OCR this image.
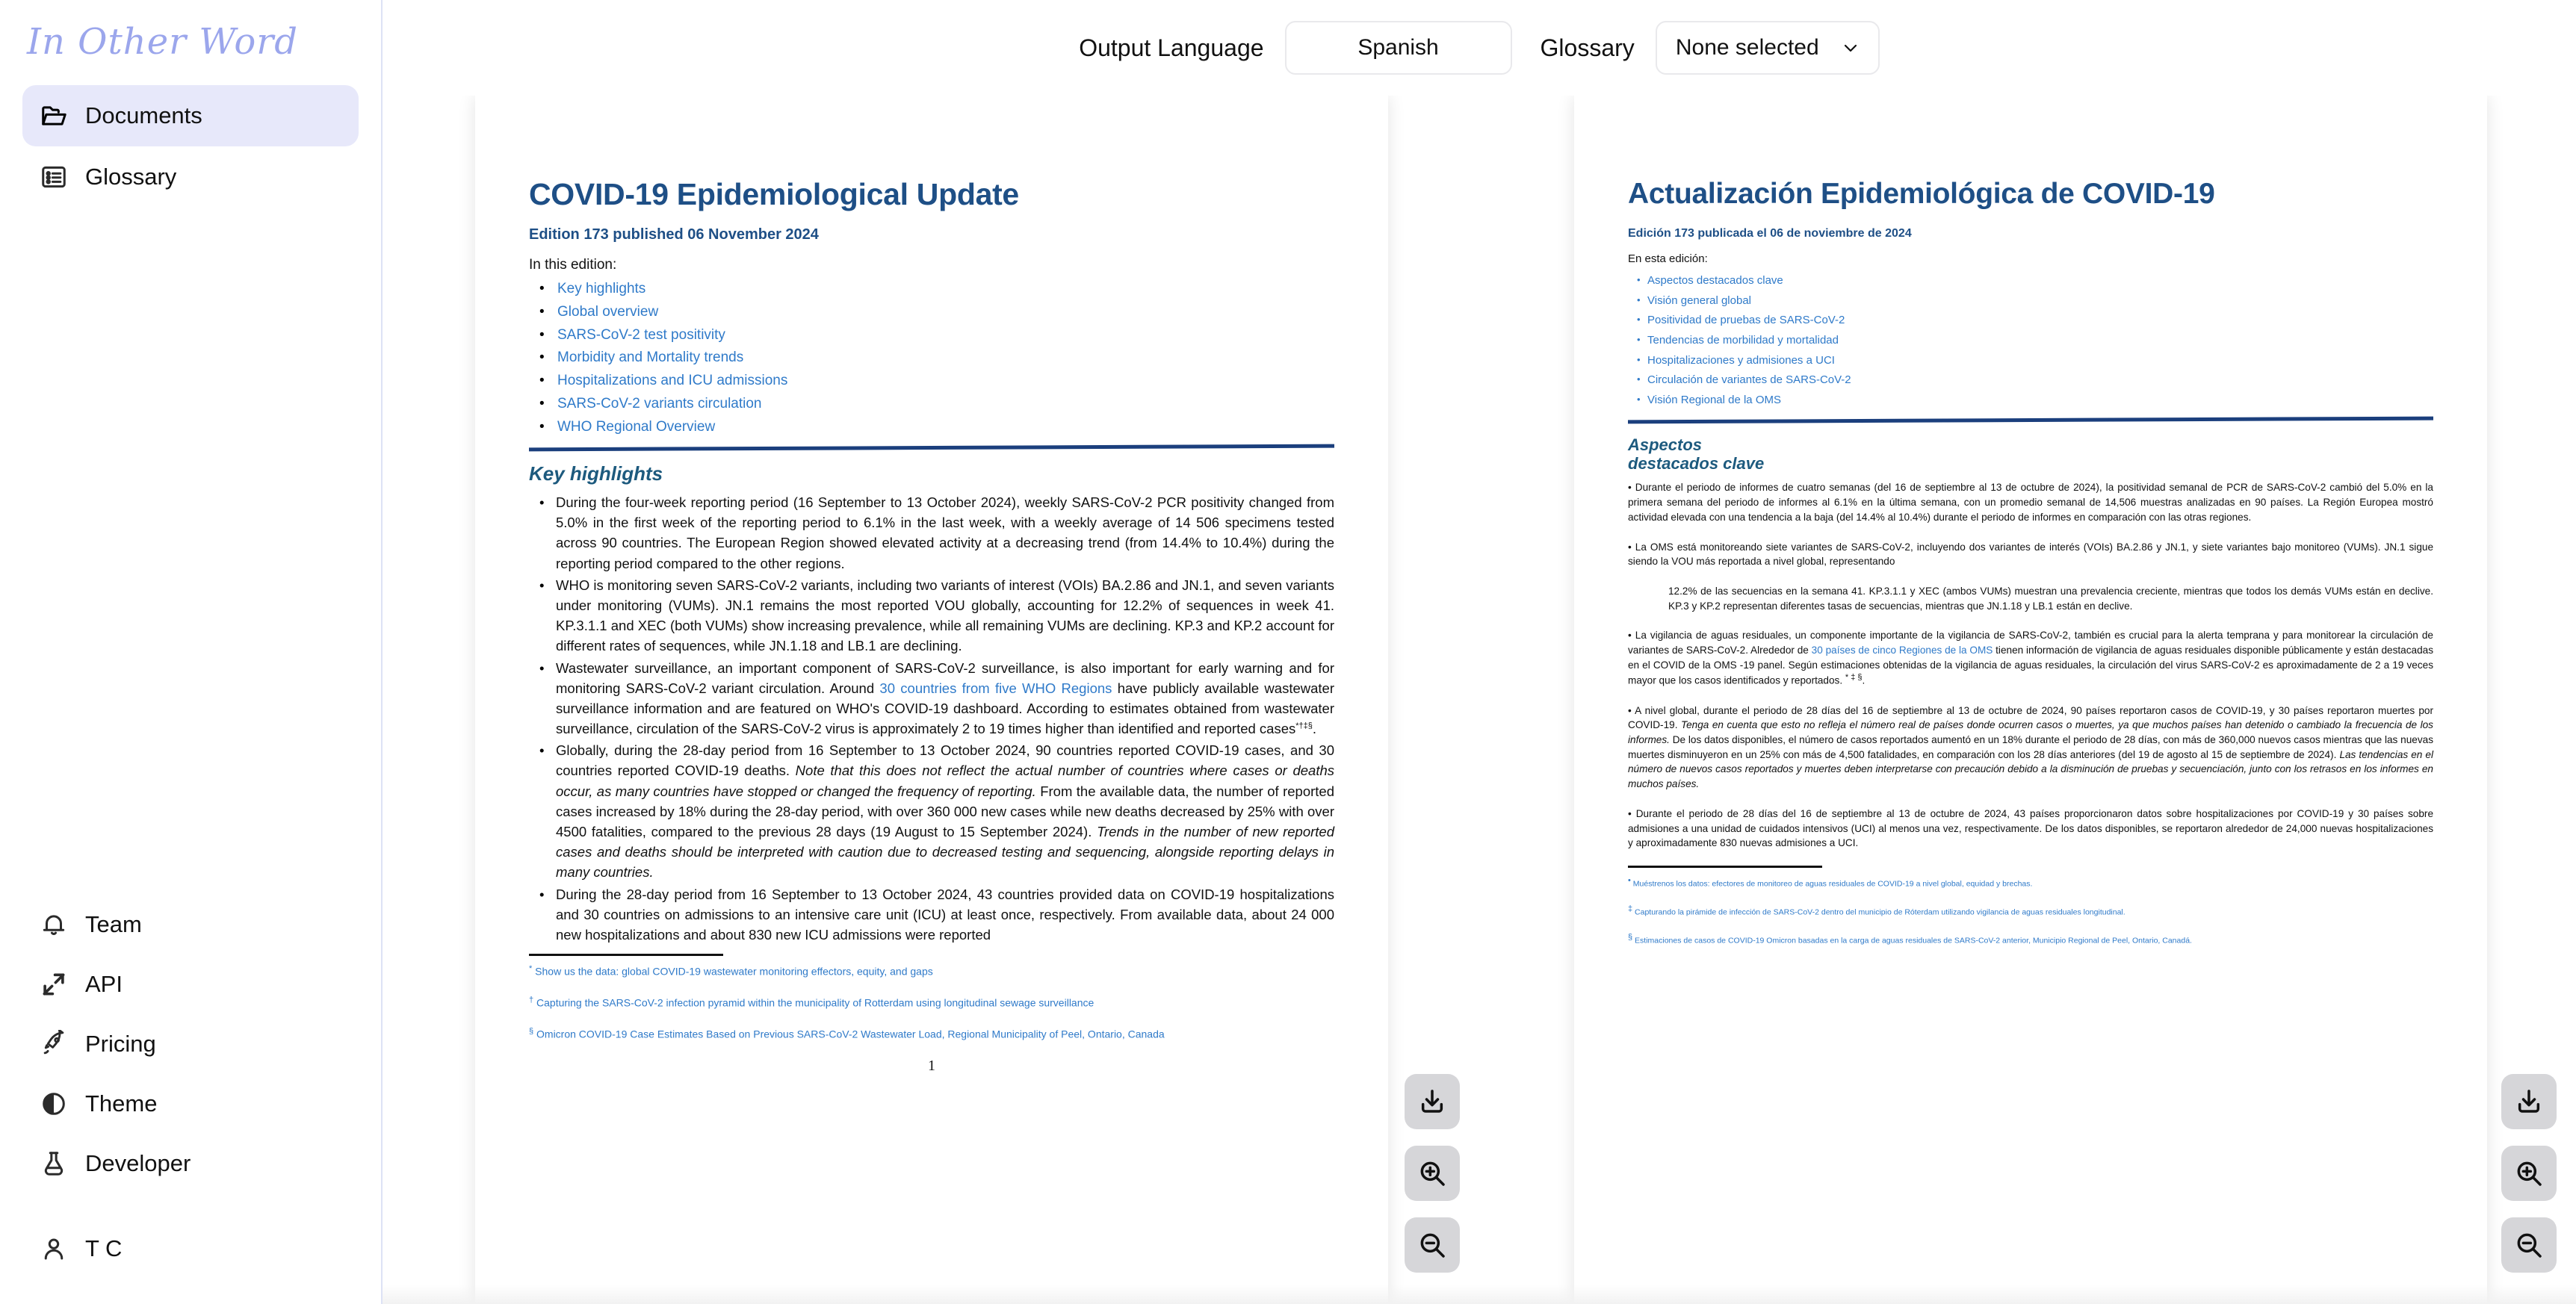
In Other Word
Documents
Glossary
Team
API
Pricing
Theme
Developer
T C
Output Language	Spanish	Glossary None selected
COVID-19 Epidemiological Update
Edition 173 published 06 November 2024
In this edition:
• Key highlights
• Global overview
• SARS-CoV-2 test positivity
• Morbidity and Mortality trends
• Hospitalizations and ICU admissions
• SARS-CoV-2 variants circulation
• WHO Regional Overview
Key highlights
• During the four-week reporting period (16 September to 13 October 2024), weekly SARS-CoV-2 PCR positivity changed from 5.0% in the first week of the reporting period to 6.1% in the last week, with a weekly average of 14 506 specimens tested across 90 countries. The European Region showed elevated activity at a decreasing trend (from 14.4% to 10.4%) during the reporting period compared to the other regions.
• WHO is monitoring seven SARS-CoV-2 variants, including two variants of interest (VOIs) BA.2.86 and JN.1, and seven variants under monitoring (VUMs). JN.1 remains the most reported VOU globally, accounting for 12.2% of sequences in week 41. KP.3.1.1 and XEC (both VUMs) show increasing prevalence, while all remaining VUMs are declining. KP.3 and KP.2 account for different rates of sequences, while JN.1.18 and LB.1 are declining.
• Wastewater surveillance, an important component of SARS-CoV-2 surveillance, is also important for early warning and for monitoring SARS-CoV-2 variant circulation. Around 30 countries from five WHO Regions have publicly available wastewater surveillance information and are featured on WHO's COVID-19 dashboard. According to estimates obtained from wastewater surveillance, circulation of the SARS-CoV-2 virus is approximately 2 to 19 times higher than identified and reported cases*†‡§.
• Globally, during the 28-day period from 16 September to 13 October 2024, 90 countries reported COVID-19 cases, and 30 countries reported COVID-19 deaths. Note that this does not reflect the actual number of countries where cases or deaths occur, as many countries have stopped or changed the frequency of reporting. From the available data, the number of reported cases increased by 18% during the 28-day period, with over 360 000 new cases while new deaths decreased by 25% with over 4500 fatalities, compared to the previous 28 days (19 August to 15 September 2024). Trends in the number of new reported cases and deaths should be interpreted with caution due to decreased testing and sequencing, alongside reporting delays in many countries.
• During the 28-day period from 16 September to 13 October 2024, 43 countries provided data on COVID-19 hospitalizations and 30 countries on admissions to an intensive care unit (ICU) at least once, respectively. From available data, about 24 000 new hospitalizations and about 830 new ICU admissions were reported

* Show us the data: global COVID-19 wastewater monitoring effectors, equity, and gaps

† Capturing the SARS-CoV-2 infection pyramid within the municipality of Rotterdam using longitudinal sewage surveillance

§ Omicron COVID-19 Case Estimates Based on Previous SARS-CoV-2 Wastewater Load, Regional Municipality of Peel, Ontario, Canada

1
Actualización Epidemiológica de COVID-19
Edición 173 publicada el 06 de noviembre de 2024
En esta edición:
• Aspectos destacados clave
• Visión general global
• Positividad de pruebas de SARS-CoV-2
• Tendencias de morbilidad y mortalidad
• Hospitalizaciones y admisiones a UCI
• Circulación de variantes de SARS-CoV-2
• Visión Regional de la OMS
Aspectos
destacados clave

• Durante el periodo de informes de cuatro semanas (del 16 de septiembre al 13 de octubre de 2024), la positividad semanal de PCR de SARS-CoV-2 cambió del 5.0% en la primera semana del periodo de informes al 6.1% en la última semana, con un promedio semanal de 14,506 muestras analizadas en 90 países. La Región Europea mostró actividad elevada con una tendencia a la baja (del 14.4% al 10.4%) durante el periodo de informes en comparación con las otras regiones.

• La OMS está monitoreando siete variantes de SARS-CoV-2, incluyendo dos variantes de interés (VOIs) BA.2.86 y JN.1, y siete variantes bajo monitoreo (VUMs). JN.1 sigue siendo la VOU más reportada a nivel global, representando

12.2% de las secuencias en la semana 41. KP.3.1.1 y XEC (ambos VUMs) muestran una prevalencia creciente, mientras que todos los demás VUMs están en declive. KP.3 y KP.2 representan diferentes tasas de secuencias, mientras que JN.1.18 y LB.1 están en declive.

• La vigilancia de aguas residuales, un componente importante de la vigilancia de SARS-CoV-2, también es crucial para la alerta temprana y para monitorear la circulación de variantes de SARS-CoV-2. Alrededor de 30 países de cinco Regiones de la OMS tienen información de vigilancia de aguas residuales disponible públicamente y están destacadas en el COVID de la OMS -19 panel. Según estimaciones obtenidas de la vigilancia de aguas residuales, la circulación del virus SARS-CoV-2 es aproximadamente de 2 a 19 veces mayor que los casos identificados y reportados. * ‡ §.

• A nivel global, durante el periodo de 28 días del 16 de septiembre al 13 de octubre de 2024, 90 países reportaron casos de COVID-19, y 30 países reportaron muertes por COVID-19. Tenga en cuenta que esto no refleja el número real de países donde ocurren casos o muertes, ya que muchos países han detenido o cambiado la frecuencia de los informes. De los datos disponibles, el número de casos reportados aumentó en un 18% durante el periodo de 28 días, con más de 360,000 nuevos casos mientras que las nuevas muertes disminuyeron en un 25% con más de 4,500 fatalidades, en comparación con los 28 días anteriores (del 19 de agosto al 15 de septiembre de 2024). Las tendencias en el número de nuevos casos reportados y muertes deben interpretarse con precaución debido a la disminución de pruebas y secuenciación, junto con los retrasos en los informes en muchos países.

• Durante el periodo de 28 días del 16 de septiembre al 13 de octubre de 2024, 43 países proporcionaron datos sobre hospitalizaciones por COVID-19 y 30 países sobre admisiones a una unidad de cuidados intensivos (UCI) al menos una vez, respectivamente. De los datos disponibles, se reportaron alrededor de 24,000 nuevas hospitalizaciones y aproximadamente 830 nuevas admisiones a UCI.

• Muéstrenos los datos: efectores de monitoreo de aguas residuales de COVID-19 a nivel global, equidad y brechas.

‡ Capturando la pirámide de infección de SARS-CoV-2 dentro del municipio de Róterdam utilizando vigilancia de aguas residuales longitudinal.

§ Estimaciones de casos de COVID-19 Omicron basadas en la carga de aguas residuales de SARS-CoV-2 anterior, Municipio Regional de Peel, Ontario, Canadá.
